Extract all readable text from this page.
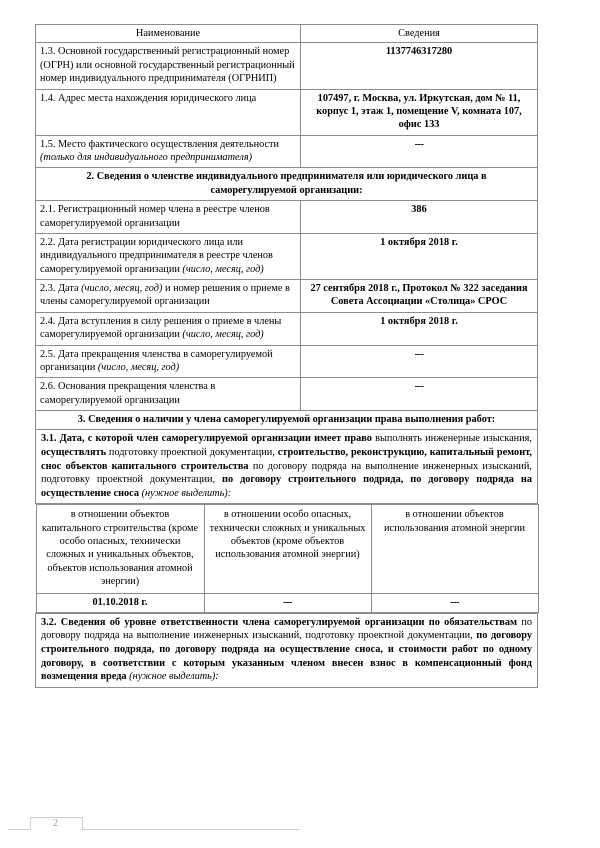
Наименование	Сведения
1.3. Основной государственный регистрационный номер (ОГРН) или основной государственный регистрационный номер индивидуального предпринимателя (ОГРНИП)	1137746317280
1.4. Адрес места нахождения юридического лица	107497, г. Москва, ул. Иркутская, дом № 11, корпус 1, этаж 1, помещение V, комната 107, офис 133
1.5. Место фактического осуществления деятельности (только для индивидуального предпринимателя)	---
2. Сведения о членстве индивидуального предпринимателя или юридического лица в саморегулируемой организации:
2.1. Регистрационный номер члена в реестре членов саморегулируемой организации	386
2.2. Дата регистрации юридического лица или индивидуального предпринимателя в реестре членов саморегулируемой организации (число, месяц, год)	1 октября 2018 г.
2.3. Дата (число, месяц, год) и номер решения о приеме в члены саморегулируемой организации	27 сентября 2018 г., Протокол № 322 заседания Совета Ассоциации «Столица» СРОС
2.4. Дата вступления в силу решения о приеме в члены саморегулируемой организации (число, месяц, год)	1 октября 2018 г.
2.5. Дата прекращения членства в саморегулируемой организации (число, месяц, год)	---
2.6. Основания прекращения членства в саморегулируемой организации	---
3. Сведения о наличии у члена саморегулируемой организации права выполнения работ:
3.1. Дата, с которой член саморегулируемой организации имеет право выполнять инженерные изыскания, осуществлять подготовку проектной документации, строительство, реконструкцию, капитальный ремонт, снос объектов капитального строительства по договору подряда на выполнение инженерных изысканий, подготовку проектной документации, по договору строительного подряда, по договору подряда на осуществление сноса (нужное выделить):

в отношении объектов капитального строительства (кроме особо опасных, технически сложных и уникальных объектов, объектов использования атомной энергии)	в отношении особо опасных, технически сложных и уникальных объектов (кроме объектов использования атомной энергии)	в отношении объектов использования атомной энергии
01.10.2018 г.	---	---

3.2. Сведения об уровне ответственности члена саморегулируемой организации по обязательствам по договору подряда на выполнение инженерных изысканий, подготовку проектной документации, по договору строительного подряда, по договору подряда на осуществление сноса, и стоимости работ по одному договору, в соответствии с которым указанным членом внесен взнос в компенсационный фонд возмещения вреда (нужное выделить):
2
